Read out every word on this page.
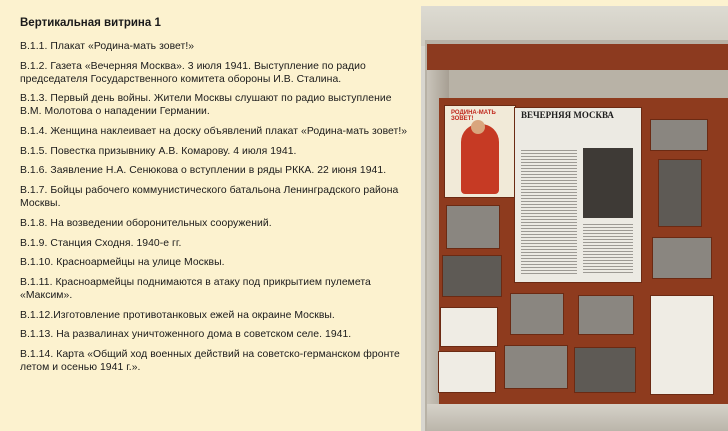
Вертикальная витрина 1
В.1.1. Плакат «Родина-мать зовет!»
В.1.2. Газета «Вечерняя Москва». 3 июля 1941. Выступление по радио председателя Государственного комитета обороны И.В. Сталина.
В.1.3. Первый день войны. Жители Москвы слушают по радио выступление В.М. Молотова о нападении Германии.
В.1.4. Женщина наклеивает на доску объявлений плакат «Родина-мать зовет!»
В.1.5. Повестка призывнику А.В. Комарову. 4 июля 1941.
В.1.6. Заявление Н.А. Сенюкова о вступлении в ряды РККА. 22 июня 1941.
В.1.7. Бойцы рабочего коммунистического батальона Ленинградского района Москвы.
В.1.8. На возведении оборонительных сооружений.
В.1.9. Станция Сходня. 1940-е гг.
В.1.10. Красноармейцы на улице Москвы.
В.1.11. Красноармейцы поднимаются в атаку под прикрытием пулемета «Максим».
В.1.12.Изготовление противотанковых ежей на окраине Москвы.
В.1.13. На развалинах уничтоженного дома в советском селе. 1941.
В.1.14. Карта «Общий ход военных действий на советско-германском фронте летом и осенью 1941 г.».
РОДИНА-МАТЬ ЗОВЕТ!	ВЕЧЕРНЯЯ МОСКВА
